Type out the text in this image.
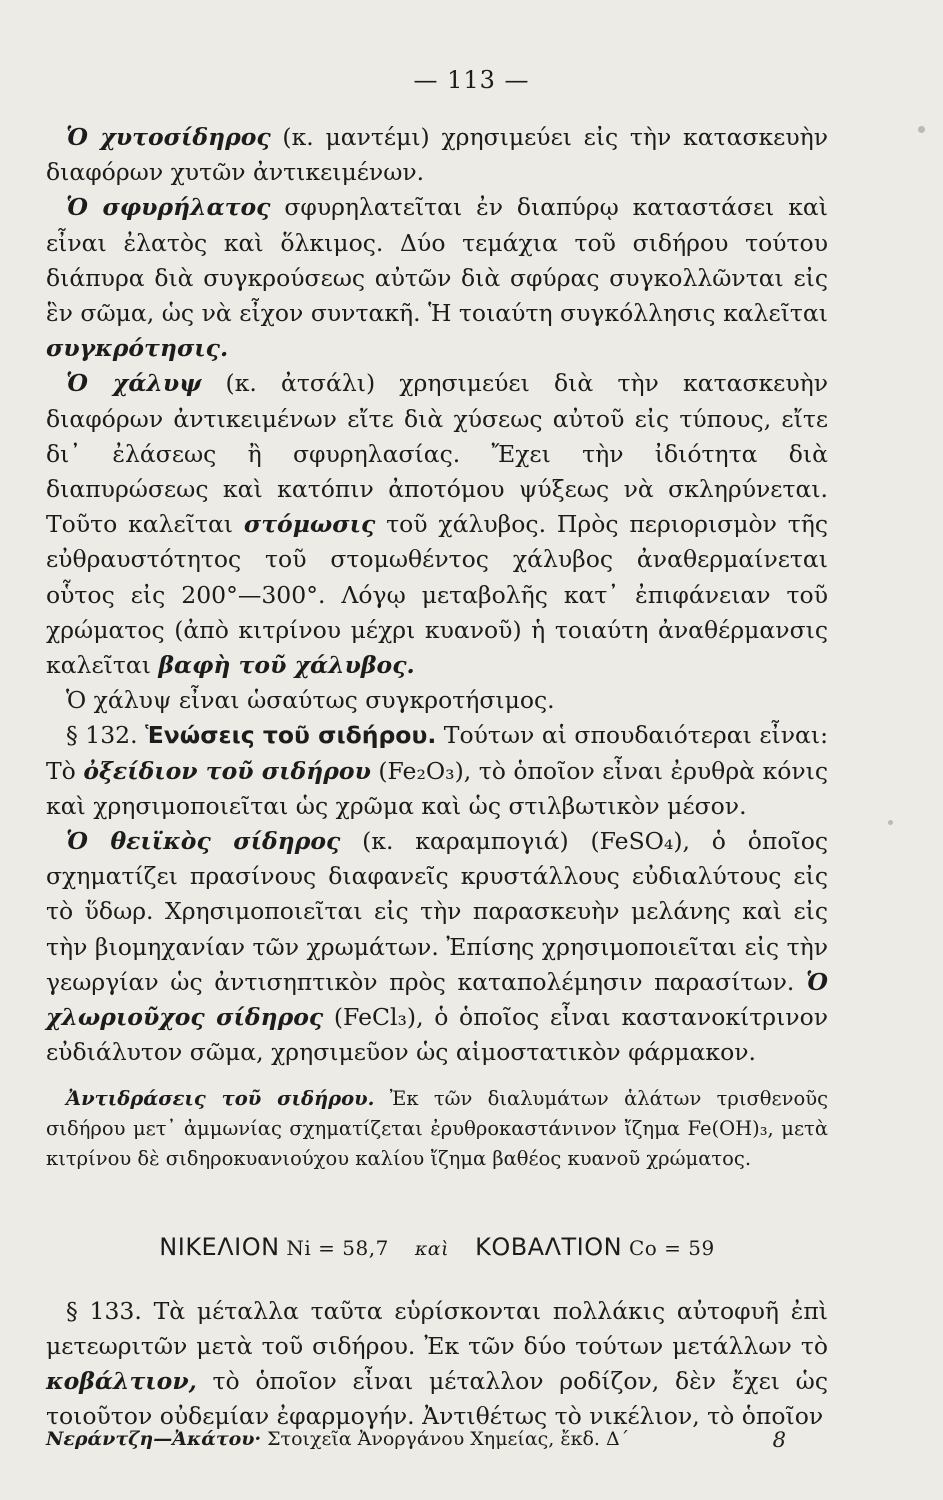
— 113 —

Ὁ χυτοσίδηρος (κ. μαντέμι) χρησιμεύει εἰς τὴν κατασκευὴν διαφόρων χυτῶν ἀντικειμένων.

Ὁ σφυρήλατος σφυρηλατεῖται ἐν διαπύρῳ καταστάσει καὶ εἶναι ἐλατὸς καὶ ὅλκιμος. Δύο τεμάχια τοῦ σιδήρου τούτου διάπυρα διὰ συγκρούσεως αὐτῶν διὰ σφύρας συγκολλῶνται εἰς ἓν σῶμα, ὡς νὰ εἶχον συντακῆ. Ἡ τοιαύτη συγκόλλησις καλεῖται συγκρότησις.

Ὁ χάλυψ (κ. ἀτσάλι) χρησιμεύει διὰ τὴν κατασκευὴν διαφόρων ἀντικειμένων εἴτε διὰ χύσεως αὐτοῦ εἰς τύπους, εἴτε δι᾽ ἐλάσεως ἢ σφυρηλασίας. Ἔχει τὴν ἰδιότητα διὰ διαπυρώσεως καὶ κατόπιν ἀποτόμου ψύξεως νὰ σκληρύνεται. Τοῦτο καλεῖται στόμωσις τοῦ χάλυβος. Πρὸς περιορισμὸν τῆς εὐθραυστότητος τοῦ στομωθέντος χάλυβος ἀναθερμαίνεται οὗτος εἰς 200°—300°. Λόγῳ μεταβολῆς κατ᾽ ἐπιφάνειαν τοῦ χρώματος (ἀπὸ κιτρίνου μέχρι κυανοῦ) ἡ τοιαύτη ἀναθέρμανσις καλεῖται βαφὴ τοῦ χάλυβος.

Ὁ χάλυψ εἶναι ὡσαύτως συγκροτήσιμος.

§ 132. Ἑνώσεις τοῦ σιδήρου. Τούτων αἱ σπουδαιότεραι εἶναι: Τὸ ὀξείδιον τοῦ σιδήρου (Fe₂O₃), τὸ ὁποῖον εἶναι ἐρυθρὰ κόνις καὶ χρησιμοποιεῖται ὡς χρῶμα καὶ ὡς στιλβωτικὸν μέσον.

Ὁ θειϊκὸς σίδηρος (κ. καραμπογιά) (FeSO₄), ὁ ὁποῖος σχηματίζει πρασίνους διαφανεῖς κρυστάλλους εὐδιαλύτους εἰς τὸ ὕδωρ. Χρησιμοποιεῖται εἰς τὴν παρασκευὴν μελάνης καὶ εἰς τὴν βιομηχανίαν τῶν χρωμάτων. Ἐπίσης χρησιμοποιεῖται εἰς τὴν γεωργίαν ὡς ἀντισηπτικὸν πρὸς καταπολέμησιν παρασίτων. Ὁ χλωριοῦχος σίδηρος (FeCl₃), ὁ ὁποῖος εἶναι καστανοκίτρινον εὐδιάλυτον σῶμα, χρησιμεῦον ὡς αἱμοστατικὸν φάρμακον.

Ἀντιδράσεις τοῦ σιδήρου. Ἐκ τῶν διαλυμάτων ἁλάτων τρισθενοῦς σιδήρου μετ᾽ ἀμμωνίας σχηματίζεται ἐρυθροκαστάνινον ἴζημα Fe(OH)₃, μετὰ κιτρίνου δὲ σιδηροκυανιούχου καλίου ἴζημα βαθέος κυανοῦ χρώματος.

ΝΙΚΕΛΙΟΝ Ni = 58,7 καὶ ΚΟΒΑΛΤΙΟΝ Co = 59

§ 133. Τὰ μέταλλα ταῦτα εὑρίσκονται πολλάκις αὐτοφυῆ ἐπὶ μετεωριτῶν μετὰ τοῦ σιδήρου. Ἐκ τῶν δύο τούτων μετάλλων τὸ κοβάλτιον, τὸ ὁποῖον εἶναι μέταλλον ροδίζον, δὲν ἔχει ὡς τοιοῦτον οὐδεμίαν ἐφαρμογήν. Ἀντιθέτως τὸ νικέλιον, τὸ ὁποῖον

Νεράντζη—Ἀκάτου· Στοιχεῖα Ἀνοργάνου Χημείας, ἔκδ. Δ´	8
